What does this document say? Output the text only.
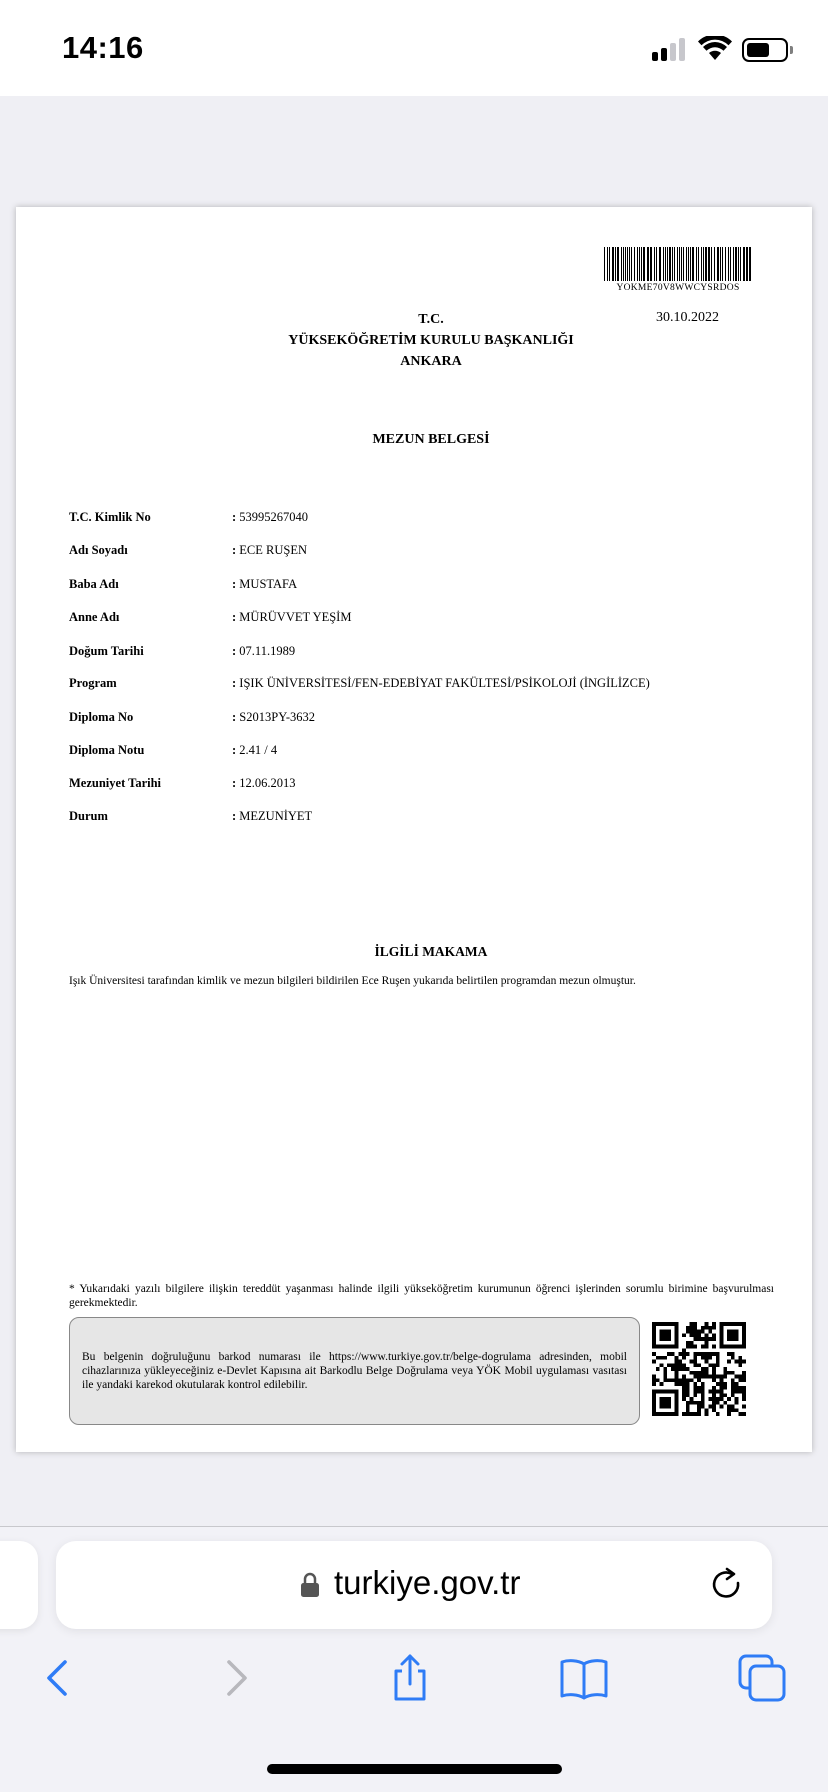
14:16
YOKME70V8WWCYSRDOS
30.10.2022
T.C.
YÜKSEKÖĞRETİM KURULU BAŞKANLIĞI
ANKARA
MEZUN BELGESİ
T.C. Kimlik No	: 53995267040
Adı Soyadı	: ECE RUŞEN
Baba Adı	: MUSTAFA
Anne Adı	: MÜRÜVVET YEŞİM
Doğum Tarihi	: 07.11.1989
Program	: IŞIK ÜNİVERSİTESİ/FEN-EDEBİYAT FAKÜLTESİ/PSİKOLOJİ (İNGİLİZCE)
Diploma No	: S2013PY-3632
Diploma Notu	: 2.41 / 4
Mezuniyet Tarihi	: 12.06.2013
Durum	: MEZUNİYET
İLGİLİ MAKAMA
Işık Üniversitesi tarafından kimlik ve mezun bilgileri bildirilen Ece Ruşen yukarıda belirtilen programdan mezun olmuştur.
* Yukarıdaki yazılı bilgilere ilişkin tereddüt yaşanması halinde ilgili yükseköğretim kurumunun öğrenci işlerinden sorumlu birimine başvurulması gerekmektedir.
Bu belgenin doğruluğunu barkod numarası ile https://www.turkiye.gov.tr/belge-dogrulama adresinden, mobil cihazlarınıza yükleyeceğiniz e-Devlet Kapısına ait Barkodlu Belge Doğrulama veya YÖK Mobil uygulaması vasıtası ile yandaki karekod okutularak kontrol edilebilir.
turkiye.gov.tr
